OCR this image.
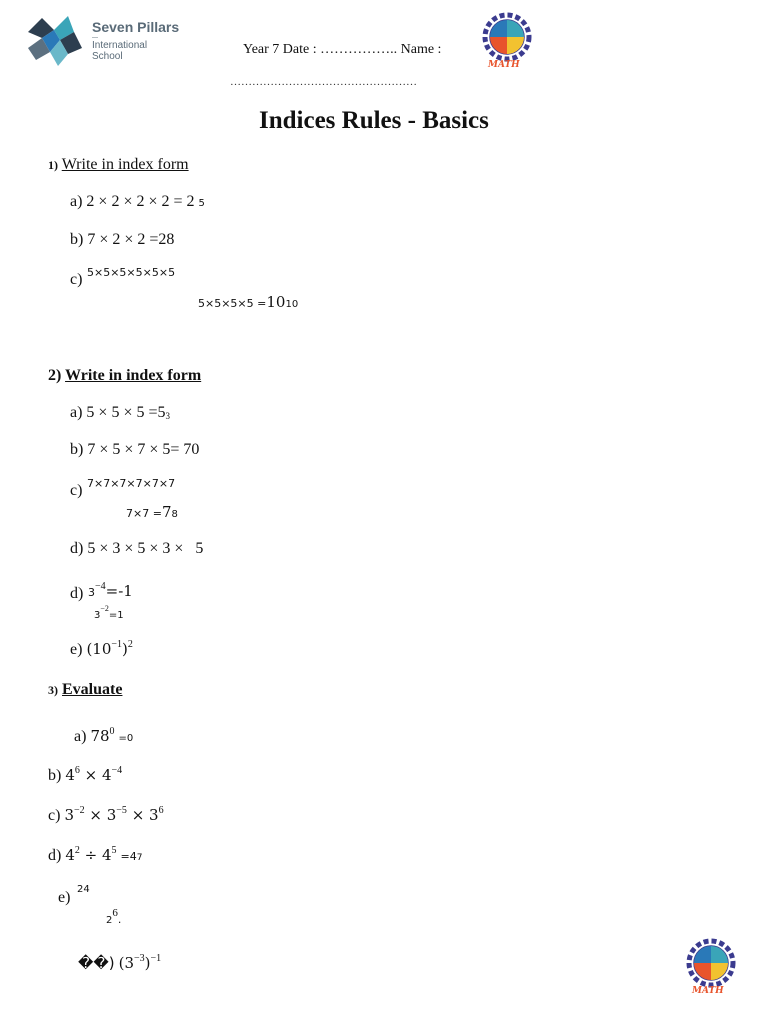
Seven Pillars
—
International
School	Year 7 Date : …………….. Name :
……………………………………………
MATH
Indices Rules - Basics
1) Write in index form
a) 2 × 2 × 2 × 2 = 2 5
b) 7 × 2 × 2 =28
c) 5×5×5×5×5×5
5×5×5×5 =1010
2) Write in index form
a) $5 \times 5 \times 5 =5_3$
b) 7 × 5 × 7 × 5= 70
c) 7×7×7×7×7×7
7×7 =78
d) 5 × 3 × 5 × 3 ×   5
d) $3^{-4}=-1$
$3^{-2}=1$
e) $(10^{-1})^2$
3) Evaluate
a) $78^0 =0$
b) $4^6 \times 4^{-4}$
c) $3^{-2} \times 3^{-5} \times 3^6$
d) $4^2 \div 4^5 =47$
e) 24
$2^6$.
��) $(3^{-3})^{-1}$
MATH
